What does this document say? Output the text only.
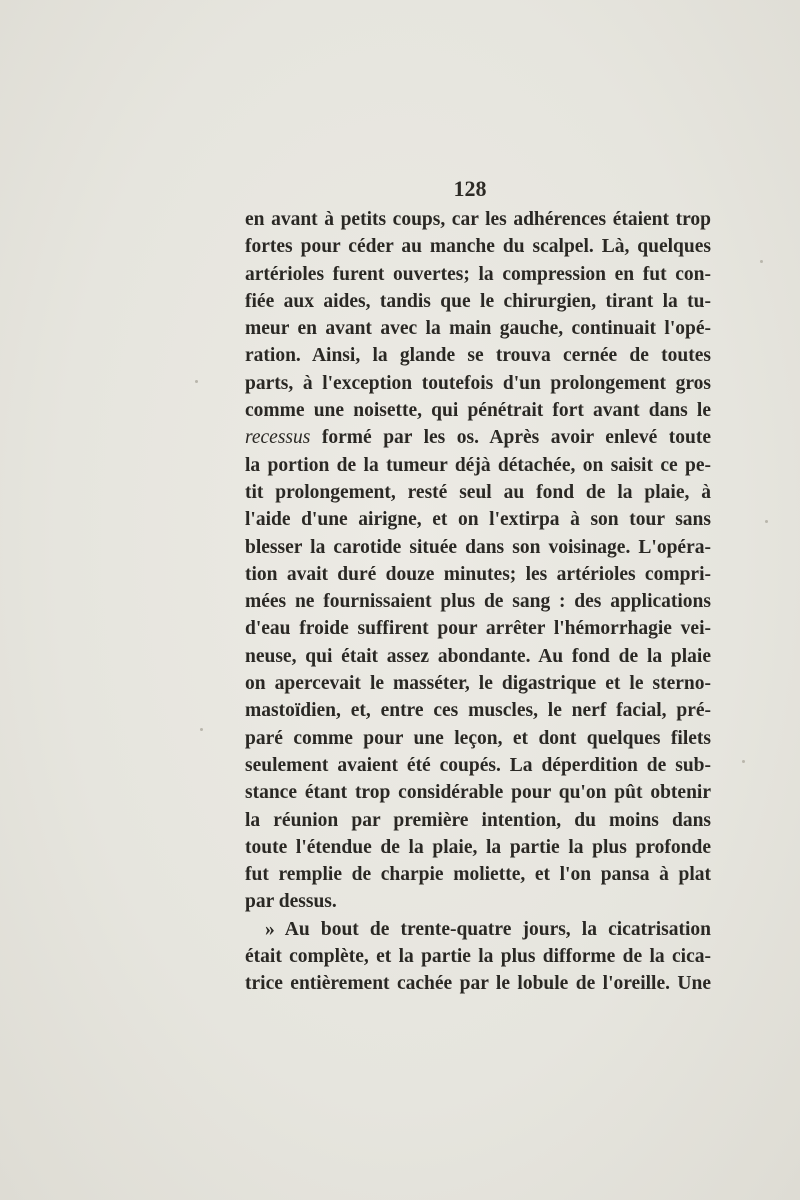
128
en avant à petits coups, car les adhérences étaient trop
fortes pour céder au manche du scalpel. Là, quelques
artérioles furent ouvertes; la compression en fut con-
fiée aux aides, tandis que le chirurgien, tirant la tu-
meur en avant avec la main gauche, continuait l'opé-
ration. Ainsi, la glande se trouva cernée de toutes
parts, à l'exception toutefois d'un prolongement gros
comme une noisette, qui pénétrait fort avant dans le
recessus formé par les os. Après avoir enlevé toute
la portion de la tumeur déjà détachée, on saisit ce pe-
tit prolongement, resté seul au fond de la plaie, à
l'aide d'une airigne, et on l'extirpa à son tour sans
blesser la carotide située dans son voisinage. L'opéra-
tion avait duré douze minutes; les artérioles compri-
mées ne fournissaient plus de sang : des applications
d'eau froide suffirent pour arrêter l'hémorrhagie vei-
neuse, qui était assez abondante. Au fond de la plaie
on apercevait le masséter, le digastrique et le sterno-
mastoïdien, et, entre ces muscles, le nerf facial, pré-
paré comme pour une leçon, et dont quelques filets
seulement avaient été coupés. La déperdition de sub-
stance étant trop considérable pour qu'on pût obtenir
la réunion par première intention, du moins dans
toute l'étendue de la plaie, la partie la plus profonde
fut remplie de charpie moliette, et l'on pansa à plat
par dessus.
» Au bout de trente-quatre jours, la cicatrisation
était complète, et la partie la plus difforme de la cica-
trice entièrement cachée par le lobule de l'oreille. Une
